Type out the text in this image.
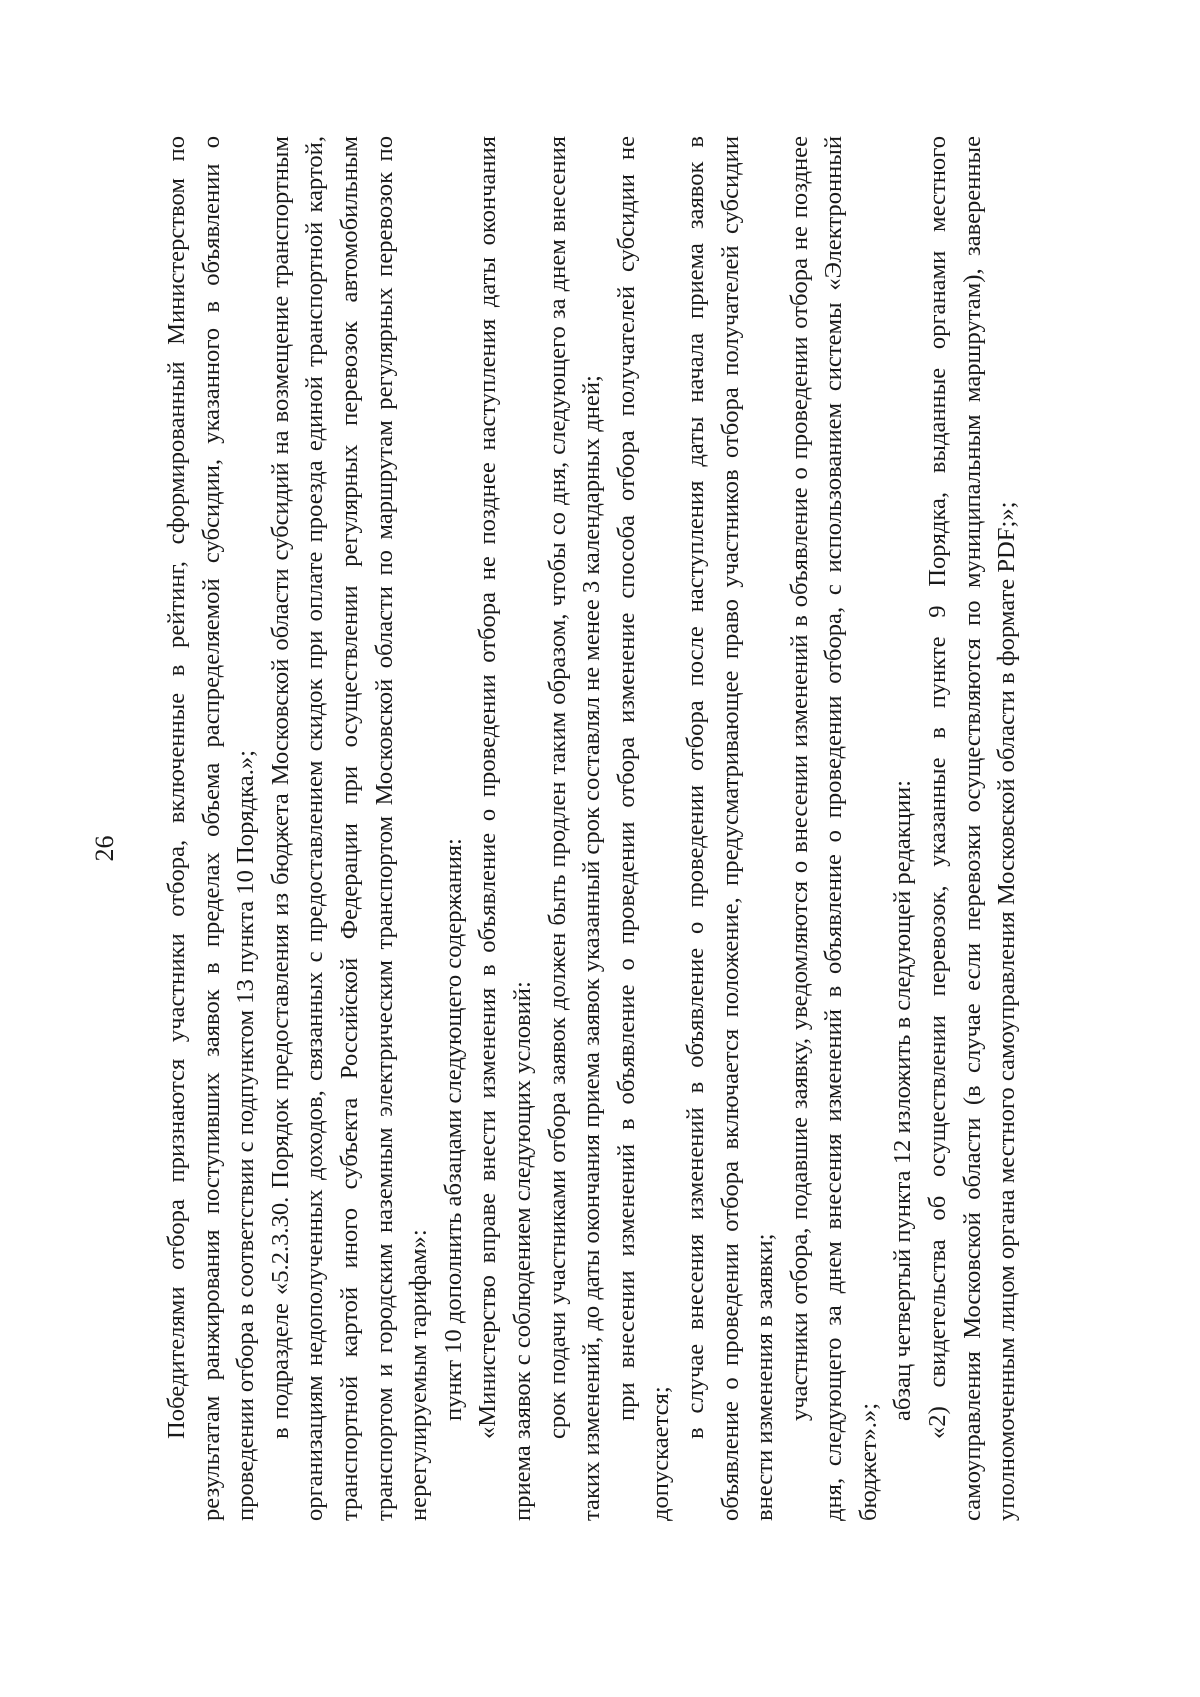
26 Победителями отбора признаются участники отбора, включенные в рейтинг, сформированный Министерством по результатам ранжирования поступивших заявок в пределах объема распределяемой субсидии, указанного в объявлении о проведении отбора в соответствии с подпунктом 13 пункта 10 Порядка.»; в подразделе «5.2.3.30. Порядок предоставления из бюджета Московской области субсидий на возмещение транспортным организациям недополученных доходов, связанных с предоставлением скидок при оплате проезда единой транспортной картой, транспортной картой иного субъекта Российской Федерации при осуществлении регулярных перевозок автомобильным транспортом и городским наземным электрическим транспортом Московской области по маршрутам регулярных перевозок по нерегулируемым тарифам»: пункт 10 дополнить абзацами следующего содержания: «Министерство вправе внести изменения в объявление о проведении отбора не позднее наступления даты окончания приема заявок с соблюдением следующих условий: срок подачи участниками отбора заявок должен быть продлен таким образом, чтобы со дня, следующего за днем внесения таких изменений, до даты окончания приема заявок указанный срок составлял не менее 3 календарных дней; при внесении изменений в объявление о проведении отбора изменение способа отбора получателей субсидии не допускается;

в случае внесения изменений в объявление о проведении отбора после наступления даты начала приема заявок в объявление о проведении отбора включается положение, предусматривающее право участников отбора получателей субсидии внести изменения в заявки; участники отбора, подавшие заявку, уведомляются о внесении изменений в объявление о проведении отбора не позднее дня, следующего за днем внесения изменений в объявление о проведении отбора, с использованием системы «Электронный бюджет».»;

абзац четвертый пункта 12 изложить в следующей редакции: «2) свидетельства об осуществлении перевозок, указанные в пункте 9 Порядка, выданные органами местного самоуправления Московской области (в случае если перевозки осуществляются по муниципальным маршрутам), заверенные уполномоченным лицом органа местного самоуправления Московской области в формате PDF;»;
